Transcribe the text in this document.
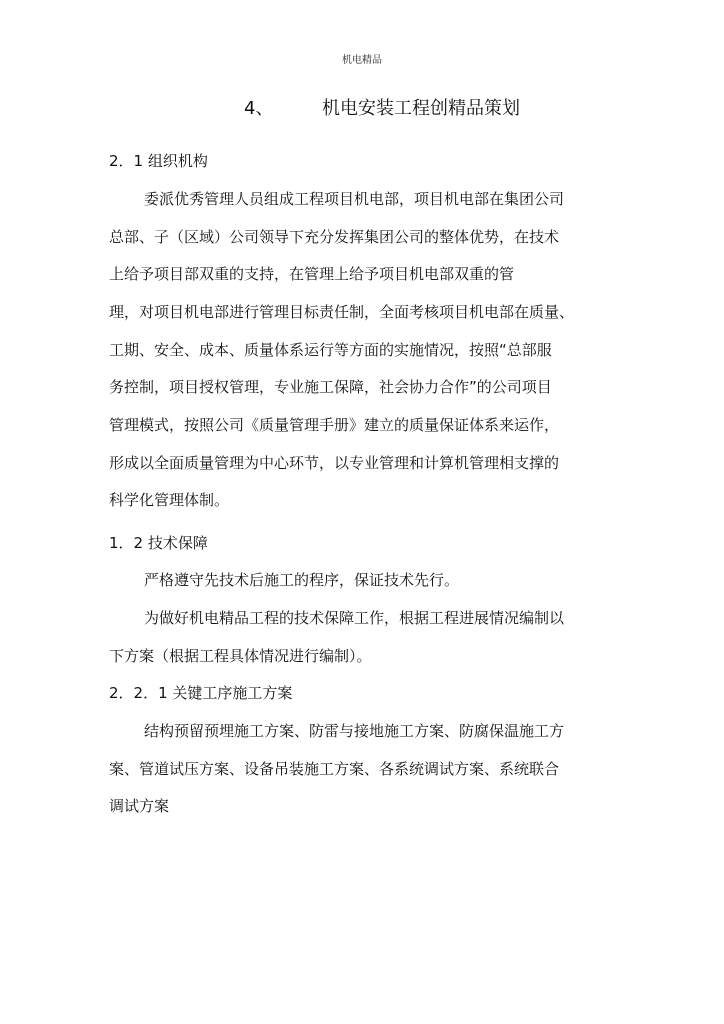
机电精品
4、	机电安装工程创精品策划
2．1 组织机构
委派优秀管理人员组成工程项目机电部，项目机电部在集团公司
总部、子（区域）公司领导下充分发挥集团公司的整体优势，在技术
上给予项目部双重的支持，在管理上给予项目机电部双重的管
理，对项目机电部进行管理目标责任制，全面考核项目机电部在质量、
工期、安全、成本、质量体系运行等方面的实施情况，按照“总部服
务控制，项目授权管理，专业施工保障，社会协力合作”的公司项目
管理模式，按照公司《质量管理手册》建立的质量保证体系来运作，
形成以全面质量管理为中心环节，以专业管理和计算机管理相支撑的
科学化管理体制。
1．2 技术保障
严格遵守先技术后施工的程序，保证技术先行。
为做好机电精品工程的技术保障工作，根据工程进展情况编制以
下方案（根据工程具体情况进行编制）。
2．2．1 关键工序施工方案
结构预留预埋施工方案、防雷与接地施工方案、防腐保温施工方
案、管道试压方案、设备吊装施工方案、各系统调试方案、系统联合
调试方案
